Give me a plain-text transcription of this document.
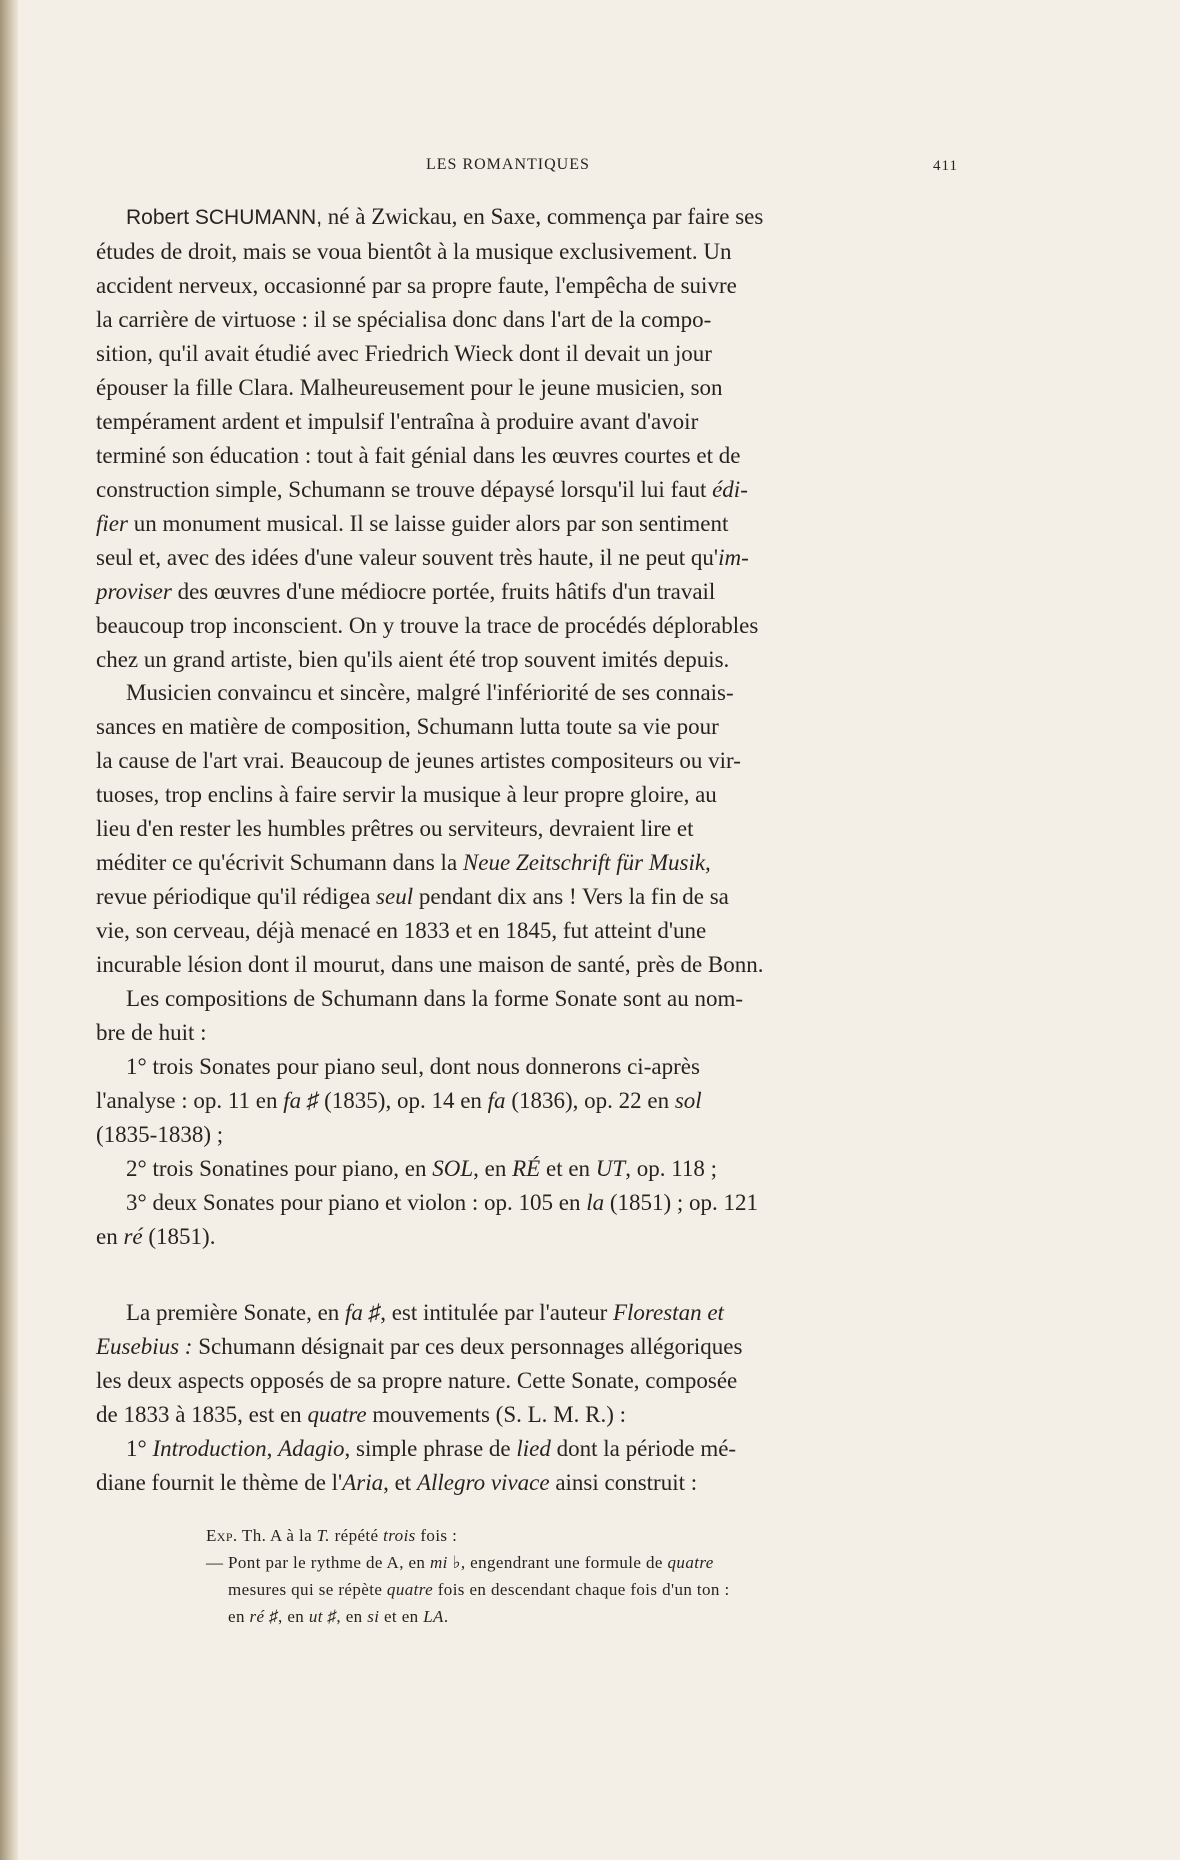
LES ROMANTIQUES	411
Robert SCHUMANN, né à Zwickau, en Saxe, commença par faire ses
études de droit, mais se voua bientôt à la musique exclusivement. Un
accident nerveux, occasionné par sa propre faute, l'empêcha de suivre
la carrière de virtuose : il se spécialisa donc dans l'art de la compo-
sition, qu'il avait étudié avec Friedrich Wieck dont il devait un jour
épouser la fille Clara. Malheureusement pour le jeune musicien, son
tempérament ardent et impulsif l'entraîna à produire avant d'avoir
terminé son éducation : tout à fait génial dans les œuvres courtes et de
construction simple, Schumann se trouve dépaysé lorsqu'il lui faut édi-
fier un monument musical. Il se laisse guider alors par son sentiment
seul et, avec des idées d'une valeur souvent très haute, il ne peut qu'im-
proviser des œuvres d'une médiocre portée, fruits hâtifs d'un travail
beaucoup trop inconscient. On y trouve la trace de procédés déplorables
chez un grand artiste, bien qu'ils aient été trop souvent imités depuis.
Musicien convaincu et sincère, malgré l'infériorité de ses connais-
sances en matière de composition, Schumann lutta toute sa vie pour
la cause de l'art vrai. Beaucoup de jeunes artistes compositeurs ou vir-
tuoses, trop enclins à faire servir la musique à leur propre gloire, au
lieu d'en rester les humbles prêtres ou serviteurs, devraient lire et
méditer ce qu'écrivit Schumann dans la Neue Zeitschrift für Musik,
revue périodique qu'il rédigea seul pendant dix ans ! Vers la fin de sa
vie, son cerveau, déjà menacé en 1833 et en 1845, fut atteint d'une
incurable lésion dont il mourut, dans une maison de santé, près de Bonn.
Les compositions de Schumann dans la forme Sonate sont au nom-
bre de huit :
1° trois Sonates pour piano seul, dont nous donnerons ci-après
l'analyse : op. 11 en fa ♯ (1835), op. 14 en fa (1836), op. 22 en sol
(1835-1838) ;
2° trois Sonatines pour piano, en SOL, en RÉ et en UT, op. 118 ;
3° deux Sonates pour piano et violon : op. 105 en la (1851) ; op. 121
en ré (1851).
La première Sonate, en fa ♯, est intitulée par l'auteur Florestan et
Eusebius : Schumann désignait par ces deux personnages allégoriques
les deux aspects opposés de sa propre nature. Cette Sonate, composée
de 1833 à 1835, est en quatre mouvements (S. L. M. R.) :
1° Introduction, Adagio, simple phrase de lied dont la période mé-
diane fournit le thème de l'Aria, et Allegro vivace ainsi construit :
Exp. Th. A à la T. répété trois fois :
— Pont par le rythme de A, en mi ♭, engendrant une formule de quatre
mesures qui se répète quatre fois en descendant chaque fois d'un ton :
en ré ♯, en ut ♯, en si et en LA.
